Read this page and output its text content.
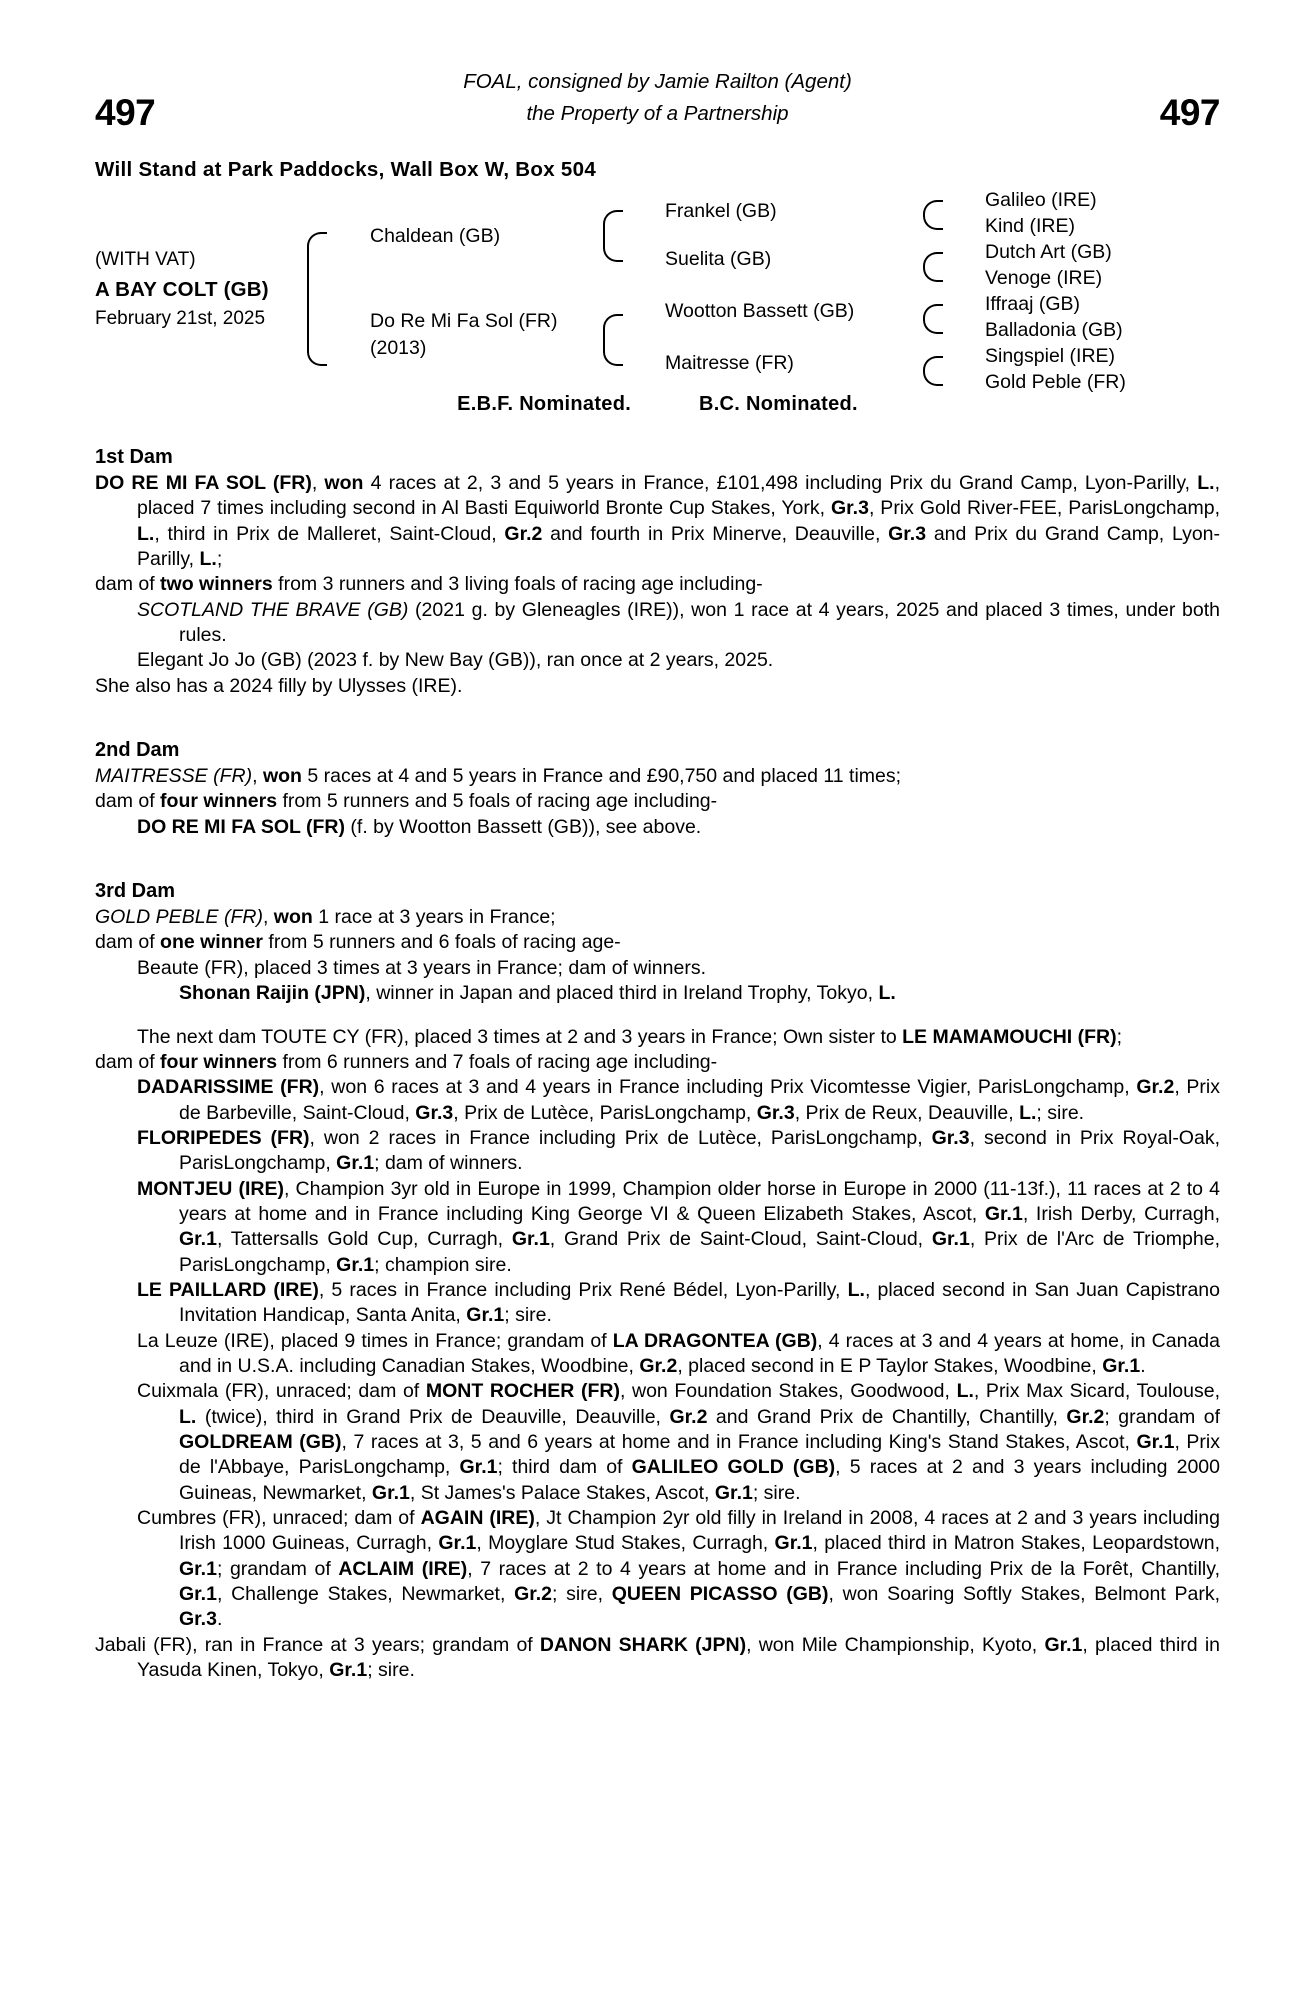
497	497
FOAL, consigned by Jamie Railton (Agent)
the Property of a Partnership
Will Stand at Park Paddocks, Wall Box W, Box 504
(WITH VAT)
A BAY COLT (GB)
February 21st, 2025
Chaldean (GB)
Do Re Mi Fa Sol (FR)
(2013)
Frankel (GB)
Suelita (GB)
Wootton Bassett (GB)
Maitresse (FR)
Galileo (IRE)
Kind (IRE)
Dutch Art (GB)
Venoge (IRE)
Iffraaj (GB)
Balladonia (GB)
Singspiel (IRE)
Gold Peble (FR)
E.B.F. Nominated.	B.C. Nominated.
1st Dam

DO RE MI FA SOL (FR), won 4 races at 2, 3 and 5 years in France, £101,498 including Prix du Grand Camp, Lyon-Parilly, L., placed 7 times including second in Al Basti Equiworld Bronte Cup Stakes, York, Gr.3, Prix Gold River-FEE, ParisLongchamp, L., third in Prix de Malleret, Saint-Cloud, Gr.2 and fourth in Prix Minerve, Deauville, Gr.3 and Prix du Grand Camp, Lyon-Parilly, L.;

dam of two winners from 3 runners and 3 living foals of racing age including-

SCOTLAND THE BRAVE (GB) (2021 g. by Gleneagles (IRE)), won 1 race at 4 years, 2025 and placed 3 times, under both rules.

Elegant Jo Jo (GB) (2023 f. by New Bay (GB)), ran once at 2 years, 2025.

She also has a 2024 filly by Ulysses (IRE).

2nd Dam

MAITRESSE (FR), won 5 races at 4 and 5 years in France and £90,750 and placed 11 times;

dam of four winners from 5 runners and 5 foals of racing age including-

DO RE MI FA SOL (FR) (f. by Wootton Bassett (GB)), see above.

3rd Dam

GOLD PEBLE (FR), won 1 race at 3 years in France;

dam of one winner from 5 runners and 6 foals of racing age-

Beaute (FR), placed 3 times at 3 years in France; dam of winners.

Shonan Raijin (JPN), winner in Japan and placed third in Ireland Trophy, Tokyo, L.

The next dam TOUTE CY (FR), placed 3 times at 2 and 3 years in France; Own sister to LE MAMAMOUCHI (FR);

dam of four winners from 6 runners and 7 foals of racing age including-

DADARISSIME (FR), won 6 races at 3 and 4 years in France including Prix Vicomtesse Vigier, ParisLongchamp, Gr.2, Prix de Barbeville, Saint-Cloud, Gr.3, Prix de Lutèce, ParisLongchamp, Gr.3, Prix de Reux, Deauville, L.; sire.

FLORIPEDES (FR), won 2 races in France including Prix de Lutèce, ParisLongchamp, Gr.3, second in Prix Royal-Oak, ParisLongchamp, Gr.1; dam of winners.

MONTJEU (IRE), Champion 3yr old in Europe in 1999, Champion older horse in Europe in 2000 (11-13f.), 11 races at 2 to 4 years at home and in France including King George VI & Queen Elizabeth Stakes, Ascot, Gr.1, Irish Derby, Curragh, Gr.1, Tattersalls Gold Cup, Curragh, Gr.1, Grand Prix de Saint-Cloud, Saint-Cloud, Gr.1, Prix de l'Arc de Triomphe, ParisLongchamp, Gr.1; champion sire.

LE PAILLARD (IRE), 5 races in France including Prix René Bédel, Lyon-Parilly, L., placed second in San Juan Capistrano Invitation Handicap, Santa Anita, Gr.1; sire.

La Leuze (IRE), placed 9 times in France; grandam of LA DRAGONTEA (GB), 4 races at 3 and 4 years at home, in Canada and in U.S.A. including Canadian Stakes, Woodbine, Gr.2, placed second in E P Taylor Stakes, Woodbine, Gr.1.

Cuixmala (FR), unraced; dam of MONT ROCHER (FR), won Foundation Stakes, Goodwood, L., Prix Max Sicard, Toulouse, L. (twice), third in Grand Prix de Deauville, Deauville, Gr.2 and Grand Prix de Chantilly, Chantilly, Gr.2; grandam of GOLDREAM (GB), 7 races at 3, 5 and 6 years at home and in France including King's Stand Stakes, Ascot, Gr.1, Prix de l'Abbaye, ParisLongchamp, Gr.1; third dam of GALILEO GOLD (GB), 5 races at 2 and 3 years including 2000 Guineas, Newmarket, Gr.1, St James's Palace Stakes, Ascot, Gr.1; sire.

Cumbres (FR), unraced; dam of AGAIN (IRE), Jt Champion 2yr old filly in Ireland in 2008, 4 races at 2 and 3 years including Irish 1000 Guineas, Curragh, Gr.1, Moyglare Stud Stakes, Curragh, Gr.1, placed third in Matron Stakes, Leopardstown, Gr.1; grandam of ACLAIM (IRE), 7 races at 2 to 4 years at home and in France including Prix de la Forêt, Chantilly, Gr.1, Challenge Stakes, Newmarket, Gr.2; sire, QUEEN PICASSO (GB), won Soaring Softly Stakes, Belmont Park, Gr.3.

Jabali (FR), ran in France at 3 years; grandam of DANON SHARK (JPN), won Mile Championship, Kyoto, Gr.1, placed third in Yasuda Kinen, Tokyo, Gr.1; sire.
